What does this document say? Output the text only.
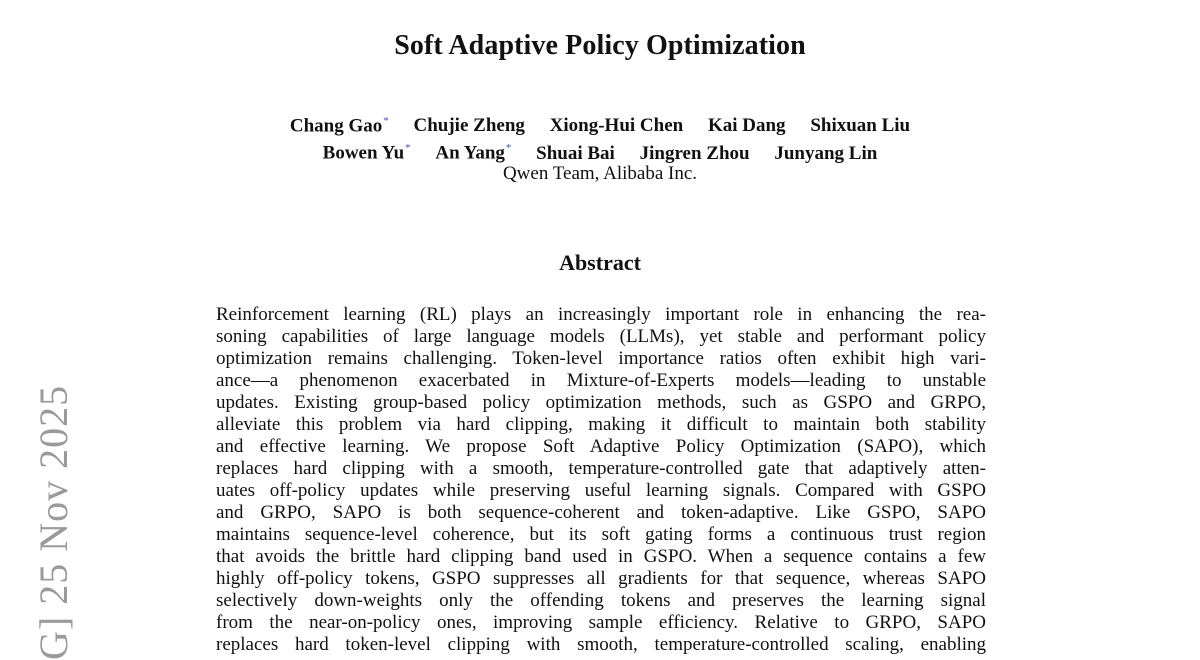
Soft Adaptive Policy Optimization
Chang Gao* Chujie Zheng Xiong-Hui Chen Kai Dang Shixuan Liu
Bowen Yu* An Yang* Shuai Bai Jingren Zhou Junyang Lin
Qwen Team, Alibaba Inc.
Abstract
Reinforcement learning (RL) plays an increasingly important role in enhancing the rea-
soning capabilities of large language models (LLMs), yet stable and performant policy
optimization remains challenging. Token-level importance ratios often exhibit high vari-
ance—a phenomenon exacerbated in Mixture-of-Experts models—leading to unstable
updates. Existing group-based policy optimization methods, such as GSPO and GRPO,
alleviate this problem via hard clipping, making it difficult to maintain both stability
and effective learning. We propose Soft Adaptive Policy Optimization (SAPO), which
replaces hard clipping with a smooth, temperature-controlled gate that adaptively atten-
uates off-policy updates while preserving useful learning signals. Compared with GSPO
and GRPO, SAPO is both sequence-coherent and token-adaptive. Like GSPO, SAPO
maintains sequence-level coherence, but its soft gating forms a continuous trust region
that avoids the brittle hard clipping band used in GSPO. When a sequence contains a few
highly off-policy tokens, GSPO suppresses all gradients for that sequence, whereas SAPO
selectively down-weights only the offending tokens and preserves the learning signal
from the near-on-policy ones, improving sample efficiency. Relative to GRPO, SAPO
replaces hard token-level clipping with smooth, temperature-controlled scaling, enabling
G] 25 Nov 2025
